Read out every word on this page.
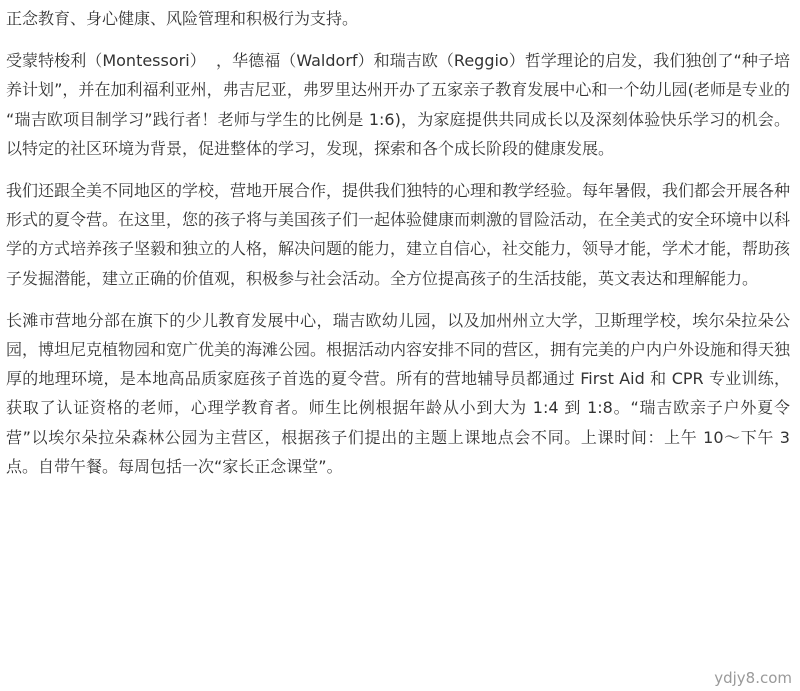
正念教育、身心健康、风险管理和积极行为支持。

受蒙特梭利（Montessori）  ，华德福（Waldorf）和瑞吉欧（Reggio）哲学理论的启发，我们独创了“种子培养计划”，并在加利福利亚州，弗吉尼亚，弗罗里达州开办了五家亲子教育发展中心和一个幼儿园(老师是专业的 “瑞吉欧项目制学习”践行者！老师与学生的比例是 1:6)，为家庭提供共同成长以及深刻体验快乐学习的机会。以特定的社区环境为背景，促进整体的学习，发现，探索和各个成长阶段的健康发展。

我们还跟全美不同地区的学校，营地开展合作，提供我们独特的心理和教学经验。每年暑假，我们都会开展各种形式的夏令营。在这里，您的孩子将与美国孩子们一起体验健康而刺激的冒险活动，在全美式的安全环境中以科学的方式培养孩子坚毅和独立的人格，解决问题的能力，建立自信心，社交能力，领导才能，学术才能，帮助孩子发掘潜能，建立正确的价值观，积极参与社会活动。全方位提高孩子的生活技能，英文表达和理解能力。

长滩市营地分部在旗下的少儿教育发展中心，瑞吉欧幼儿园，以及加州州立大学，卫斯理学校，埃尔朵拉朵公园，博坦尼克植物园和宽广优美的海滩公园。根据活动内容安排不同的营区，拥有完美的户内户外设施和得天独厚的地理环境，是本地高品质家庭孩子首选的夏令营。所有的营地辅导员都通过 First Aid 和 CPR 专业训练，获取了认证资格的老师，心理学教育者。师生比例根据年龄从小到大为 1:4 到 1:8。“瑞吉欧亲子户外夏令营”以埃尔朵拉朵森林公园为主营区，根据孩子们提出的主题上课地点会不同。上课时间：上午 10～下午 3 点。自带午餐。每周包括一次“家长正念课堂”。

ydjy8.com
